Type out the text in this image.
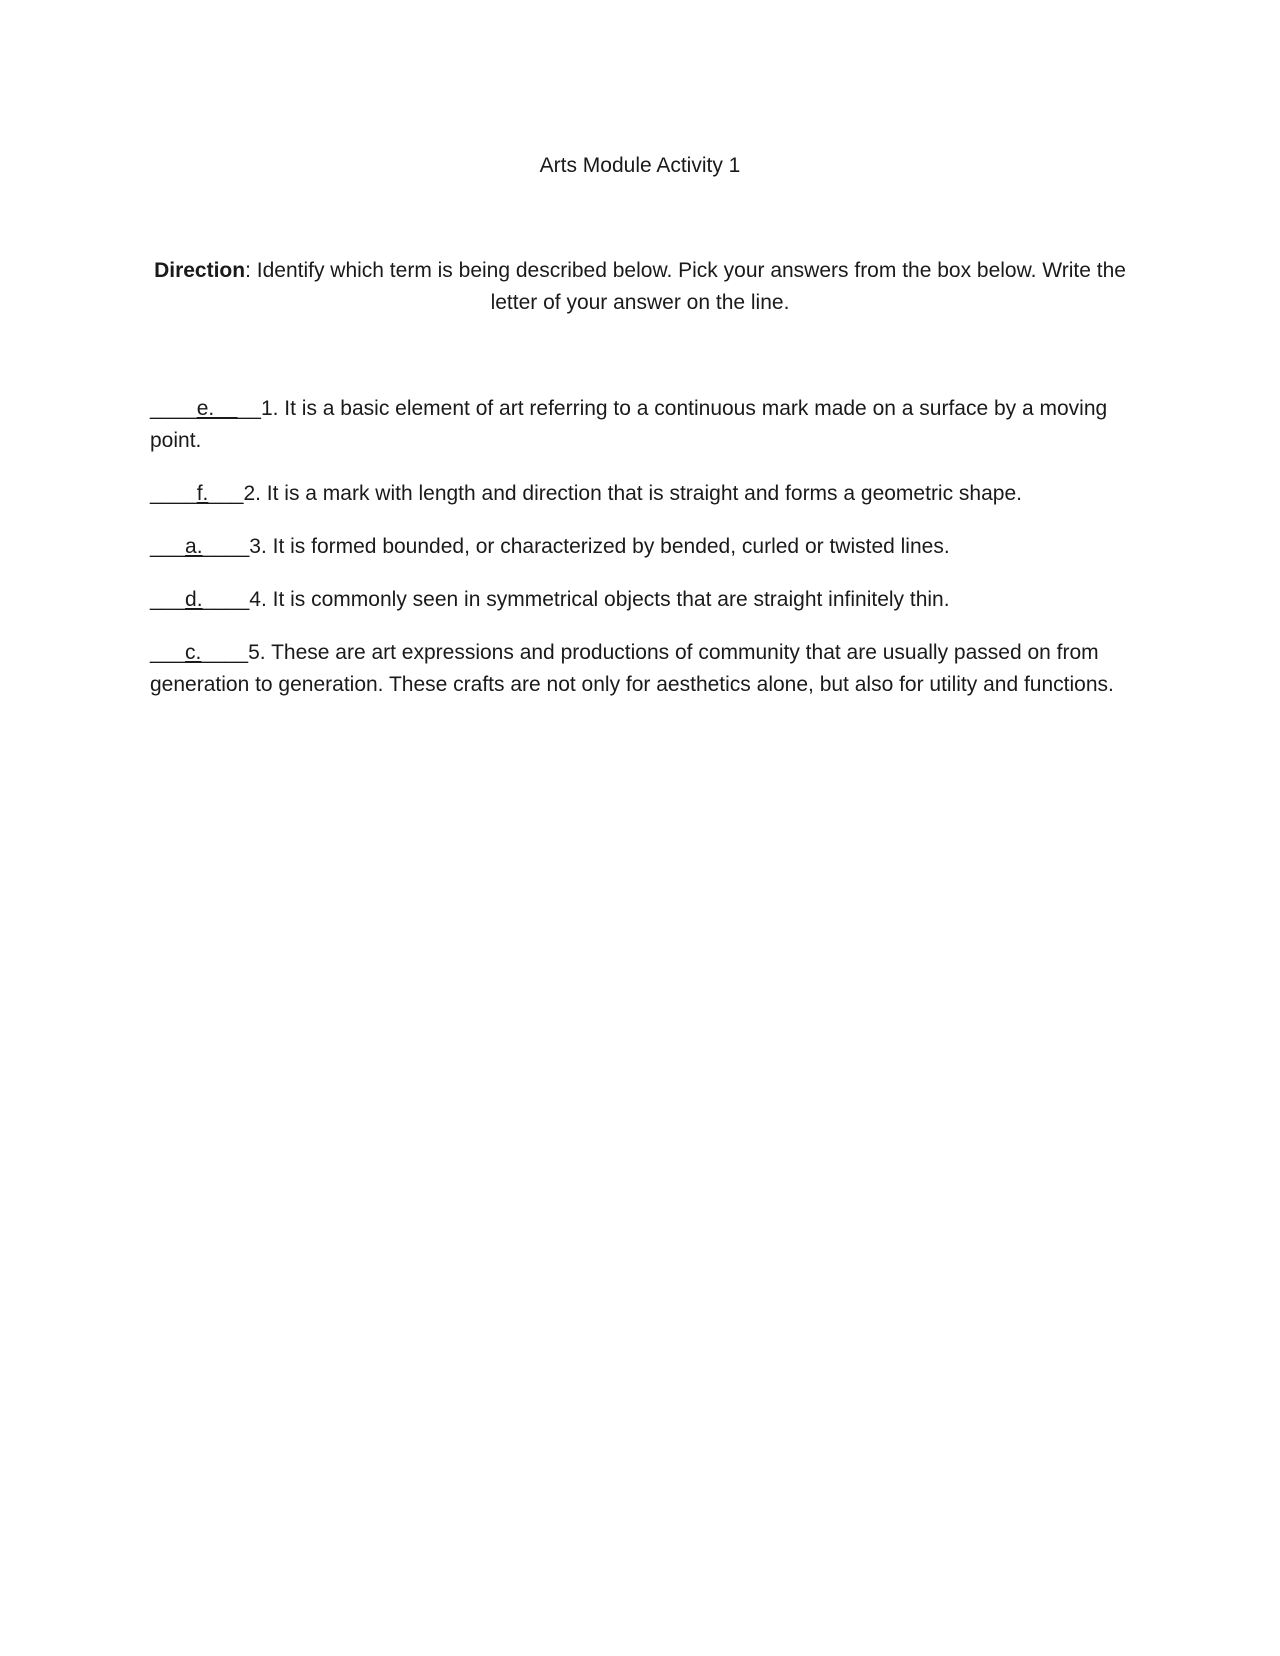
Arts Module Activity 1

Direction: Identify which term is being described below. Pick your answers from the box below. Write the letter of your answer on the line.

____e.    __1. It is a basic element of art referring to a continuous mark made on a surface by a moving point.
____f.___2. It is a mark with length and direction that is straight and forms a geometric shape.
___a.____3. It is formed bounded, or characterized by bended, curled or twisted lines.
___d.____4. It is commonly seen in symmetrical objects that are straight infinitely thin.
___c.____5. These are art expressions and productions of community that are usually passed on from generation to generation. These crafts are not only for aesthetics alone, but also for utility and functions.
